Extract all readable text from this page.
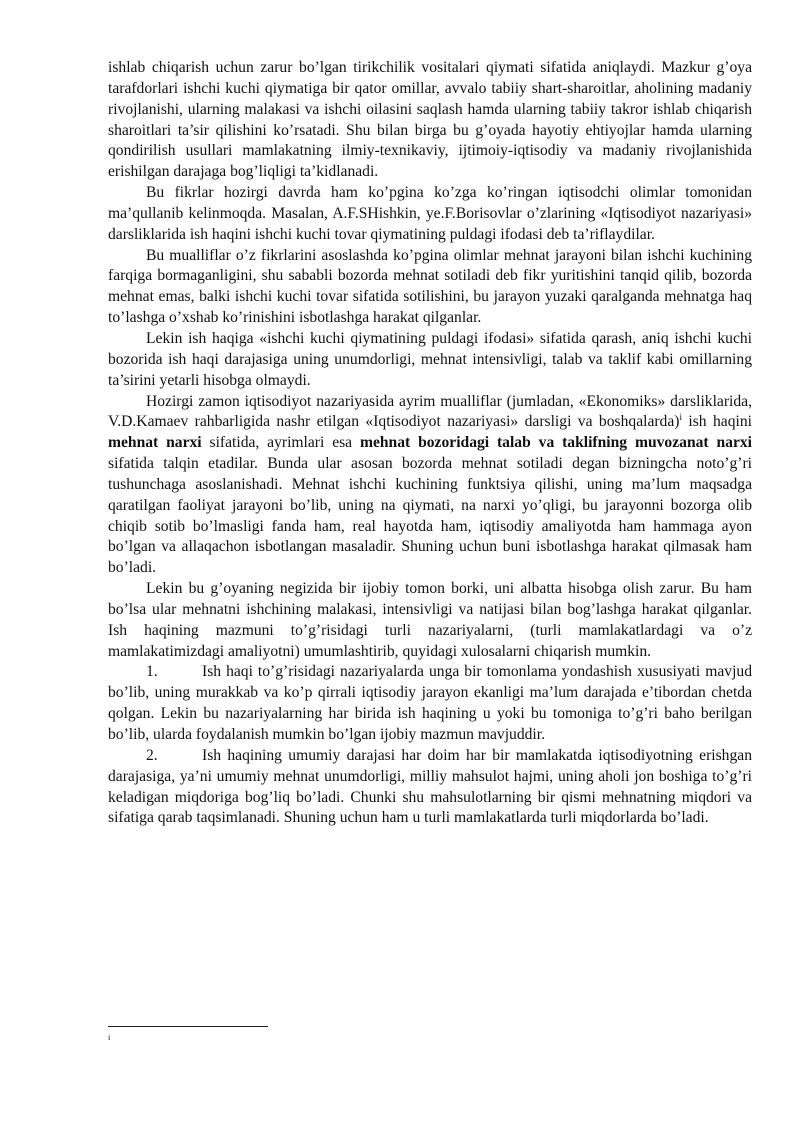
ishlab chiqarish uchun zarur bo’lgan tirikchilik vositalari qiymati sifatida aniqlaydi. Mazkur g’oya tarafdorlari ishchi kuchi qiymatiga bir qator omillar, avvalo tabiiy shart-sharoitlar, aholining madaniy rivojlanishi, ularning malakasi va ishchi oilasini saqlash hamda ularning tabiiy takror ishlab chiqarish sharoitlari ta’sir qilishini ko’rsatadi. Shu bilan birga bu g’oyada hayotiy ehtiyojlar hamda ularning qondirilish usullari mamlakatning ilmiy-texnikaviy, ijtimoiy-iqtisodiy va madaniy rivojlanishida erishilgan darajaga bog’liqligi ta’kidlanadi.

Bu fikrlar hozirgi davrda ham ko’pgina ko’zga ko’ringan iqtisodchi olimlar tomonidan ma’qullanib kelinmoqda. Masalan, A.F.SHishkin, ye.F.Borisovlar o’zlarining «Iqtisodiyot nazariyasi» darsliklarida ish haqini ishchi kuchi tovar qiymatining puldagi ifodasi deb ta’riflaydilar.

Bu mualliflar o’z fikrlarini asoslashda ko’pgina olimlar mehnat jarayoni bilan ishchi kuchining farqiga bormaganligini, shu sababli bozorda mehnat sotiladi deb fikr yuritishini tanqid qilib, bozorda mehnat emas, balki ishchi kuchi tovar sifatida sotilishini, bu jarayon yuzaki qaralganda mehnatga haq to’lashga o’xshab ko’rinishini isbotlashga harakat qilganlar.

Lekin ish haqiga «ishchi kuchi qiymatining puldagi ifodasi» sifatida qarash, aniq ishchi kuchi bozorida ish haqi darajasiga uning unumdorligi, mehnat intensivligi, talab va taklif kabi omillarning ta’sirini yetarli hisobga olmaydi.

Hozirgi zamon iqtisodiyot nazariyasida ayrim mualliflar (jumladan, «Ekonomiks» darsliklarida, V.D.Kamaev rahbarligida nashr etilgan «Iqtisodiyot nazariyasi» darsligi va boshqalarda)$^i$ ish haqini mehnat narxi sifatida, ayrimlari esa mehnat bozoridagi talab va taklifning muvozanat narxi sifatida talqin etadilar. Bunda ular asosan bozorda mehnat sotiladi degan bizningcha noto’g’ri tushunchaga asoslanishadi. Mehnat ishchi kuchining funktsiya qilishi, uning ma’lum maqsadga qaratilgan faoliyat jarayoni bo’lib, uning na qiymati, na narxi yo’qligi, bu jarayonni bozorga olib chiqib sotib bo’lmasligi fanda ham, real hayotda ham, iqtisodiy amaliyotda ham hammaga ayon bo’lgan va allaqachon isbotlangan masaladir. Shuning uchun buni isbotlashga harakat qilmasak ham bo’ladi.

Lekin bu g’oyaning negizida bir ijobiy tomon borki, uni albatta hisobga olish zarur. Bu ham bo’lsa ular mehnatni ishchining malakasi, intensivligi va natijasi bilan bog’lashga harakat qilganlar. Ish haqining mazmuni to’g’risidagi turli nazariyalarni, (turli mamlakatlardagi va o’z mamlakatimizdagi amaliyotni) umumlashtirib, quyidagi xulosalarni chiqarish mumkin.

1.	Ish haqi to’g’risidagi nazariyalarda unga bir tomonlama yondashish xususiyati mavjud bo’lib, uning murakkab va ko’p qirrali iqtisodiy jarayon ekanligi ma’lum darajada e’tibordan chetda qolgan. Lekin bu nazariyalarning har birida ish haqining u yoki bu tomoniga to’g’ri baho berilgan bo’lib, ularda foydalanish mumkin bo’lgan ijobiy mazmun mavjuddir.

2.	Ish haqining umumiy darajasi har doim har bir mamlakatda iqtisodiyotning erishgan darajasiga, ya’ni umumiy mehnat unumdorligi, milliy mahsulot hajmi, uning aholi jon boshiga to’g’ri keladigan miqdoriga bog’liq bo’ladi. Chunki shu mahsulotlarning bir qismi mehnatning miqdori va sifatiga qarab taqsimlanadi. Shuning uchun ham u turli mamlakatlarda turli miqdorlarda bo’ladi.

i
